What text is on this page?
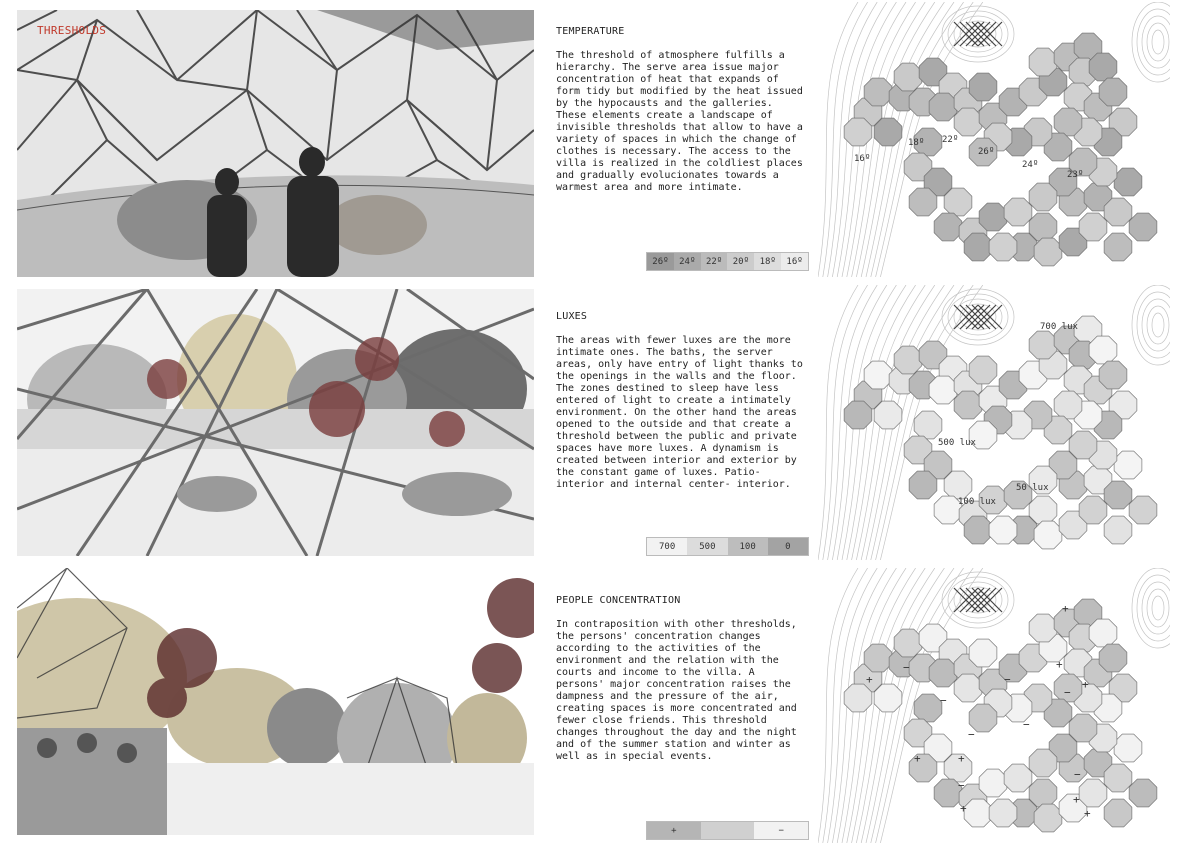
THRESHOLDS	TEMPERATURE

The threshold of atmosphere fulfills a hierarchy. The serve area issue major concentration of heat that expands of form tidy but modified by the heat issued by the hypocausts and the galleries. These elements create a landscape of invisible thresholds that allow to have a variety of spaces in which the change of clothes is necessary. The access to the villa is realized in the coldliest places and gradually evolucionates towards a warmest area and more intimate.

LUXES

The areas with fewer luxes are the more intimate ones. The baths, the server areas, only have entry of light thanks to the openings in the walls and the floor. The zones destined to sleep have less entered of light to create a intimately environment. On the other hand the areas opened to the outside and that create a threshold between the public and private spaces have more luxes. A dynamism is created between interior and exterior by the constant game of luxes. Patio-interior and internal center- interior.

PEOPLE CONCENTRATION

In contraposition with other thresholds, the persons' concentration changes according to the activities of the environment and the relation with the courts and income to the villa. A persons' major concentration raises the dampness and the pressure of the air, creating spaces is more concentrated and fewer close friends. This threshold changes throughout the day and the night and of the summer station and winter as well as in special events.

26º	24º	22º	20º	18º	16º
700	500	100	0
+	−
16º
18º 22º
26º
24º
23º
700 lux
500 lux
100 lux
50 lux
+
−
+
−
−
−
+
−
+
−
+
+
−
+
−
+	+
